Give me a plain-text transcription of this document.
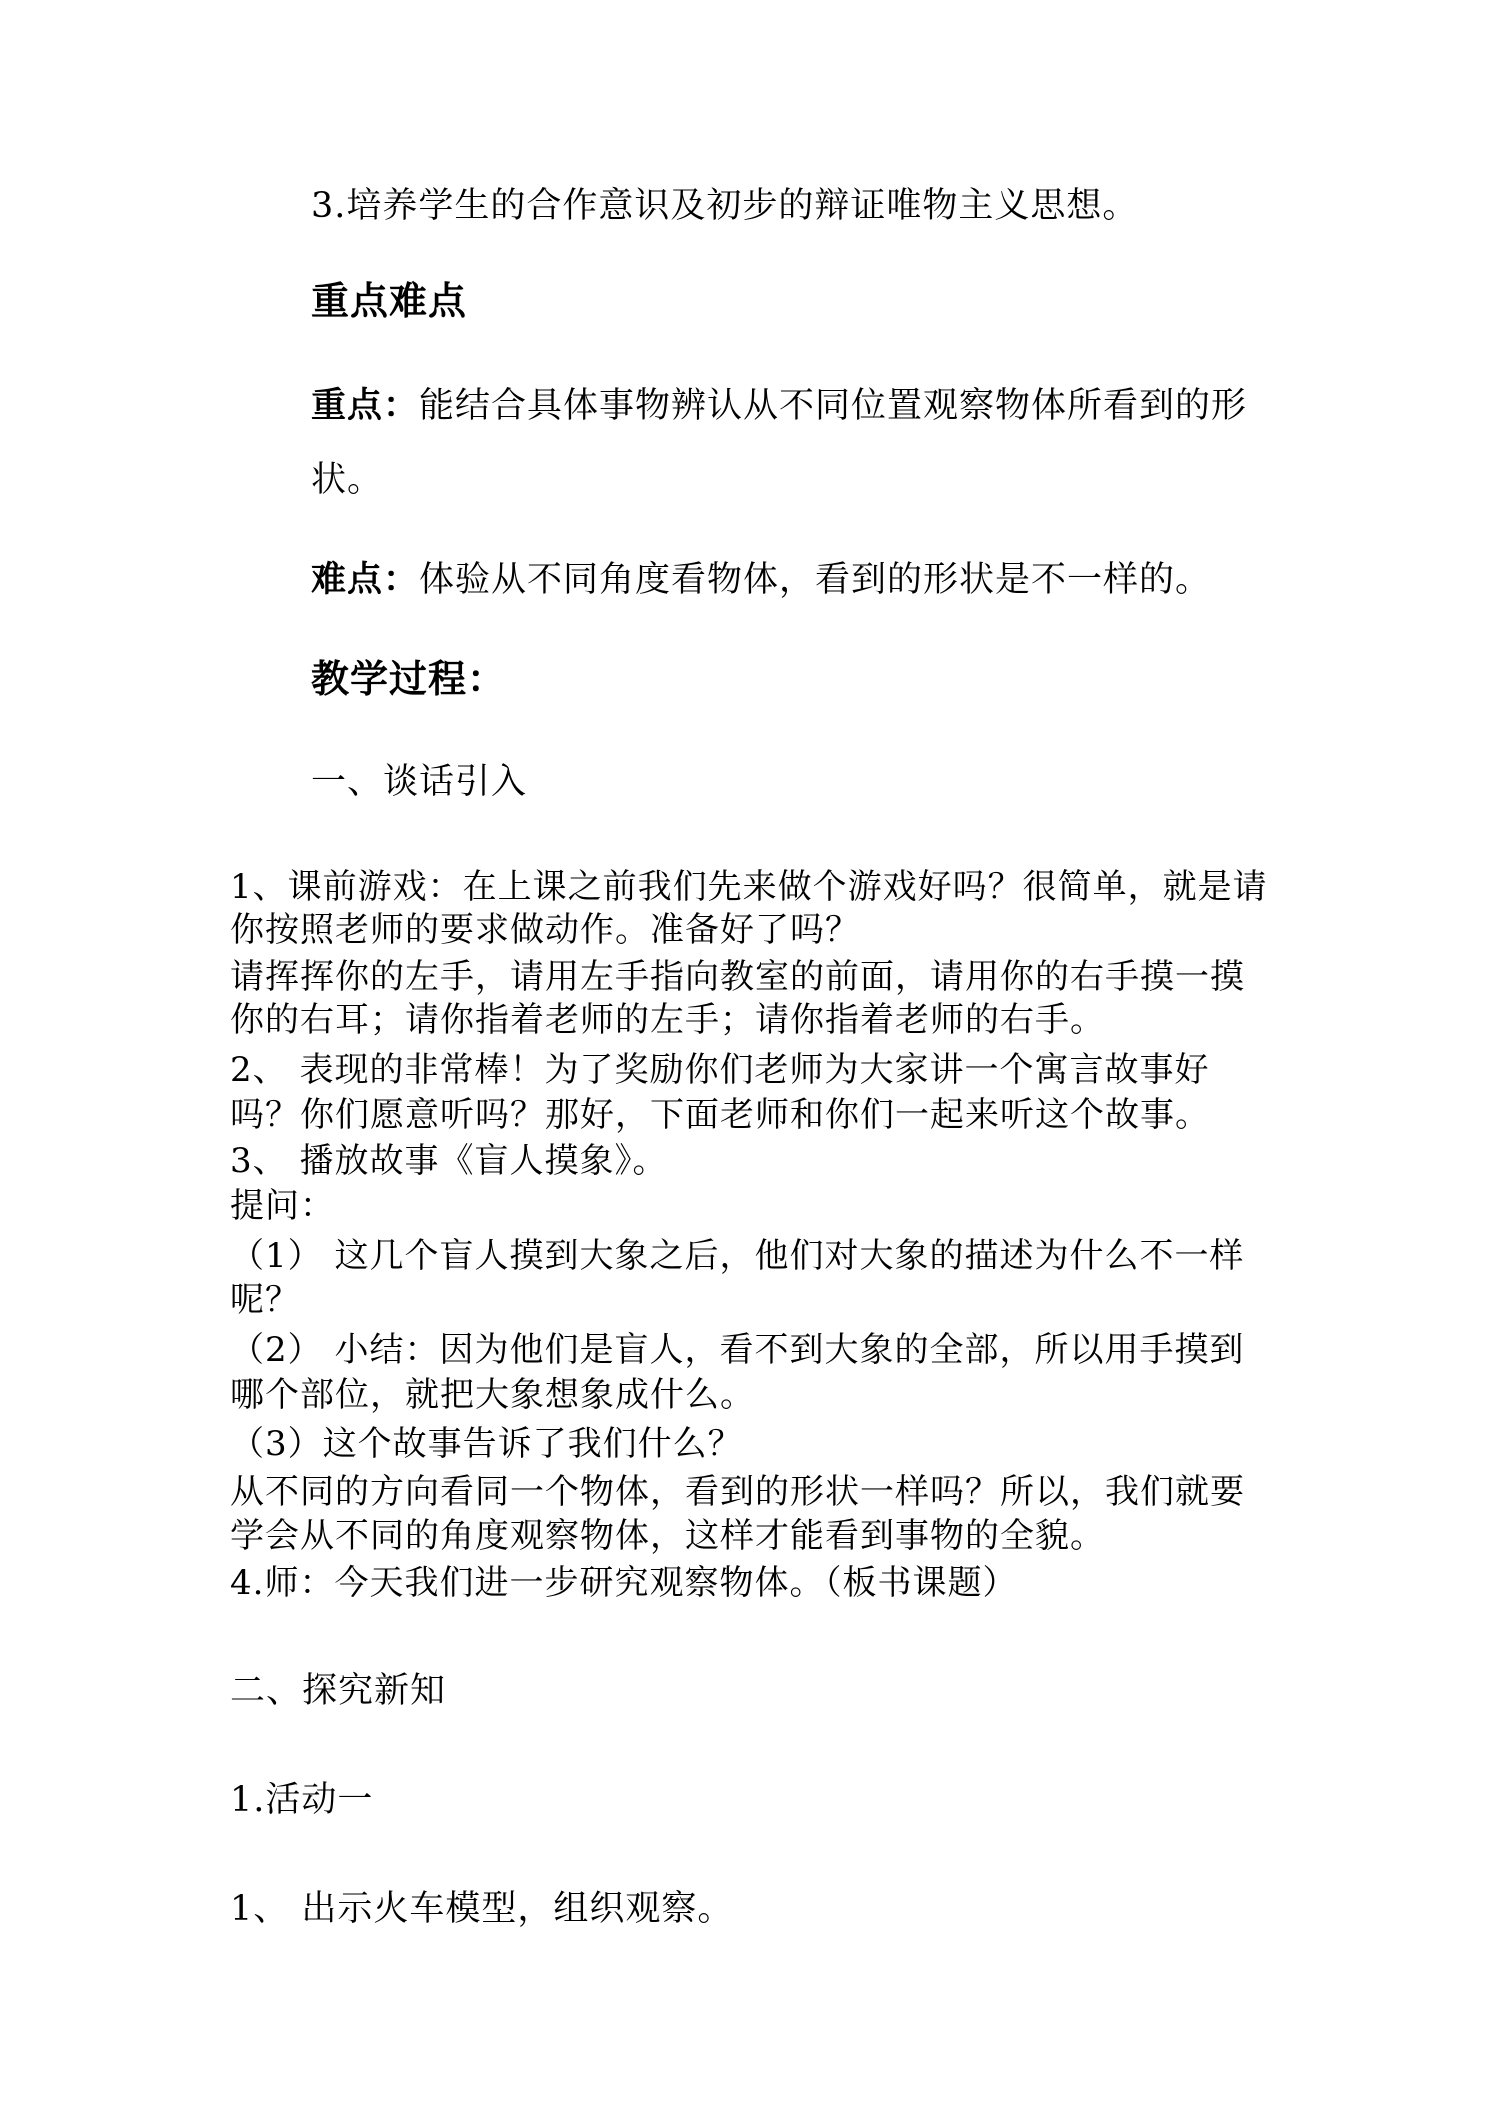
3.培养学生的合作意识及初步的辩证唯物主义思想。
重点难点
重点：能结合具体事物辨认从不同位置观察物体所看到的形
状。
难点：体验从不同角度看物体，看到的形状是不一样的。
教学过程：
一、谈话引入
1、课前游戏：在上课之前我们先来做个游戏好吗？很简单，就是请
你按照老师的要求做动作。准备好了吗？
请挥挥你的左手，请用左手指向教室的前面，请用你的右手摸一摸
你的右耳；请你指着老师的左手；请你指着老师的右手。
2、 表现的非常棒！为了奖励你们老师为大家讲一个寓言故事好
吗？你们愿意听吗？那好，下面老师和你们一起来听这个故事。
3、 播放故事《盲人摸象》。
提问：
（1） 这几个盲人摸到大象之后，他们对大象的描述为什么不一样
呢？
（2） 小结：因为他们是盲人，看不到大象的全部，所以用手摸到
哪个部位，就把大象想象成什么。
（3）这个故事告诉了我们什么？
从不同的方向看同一个物体，看到的形状一样吗？所以，我们就要
学会从不同的角度观察物体，这样才能看到事物的全貌。
4.师：今天我们进一步研究观察物体。（板书课题）
二、探究新知
1.活动一
1、 出示火车模型，组织观察。
